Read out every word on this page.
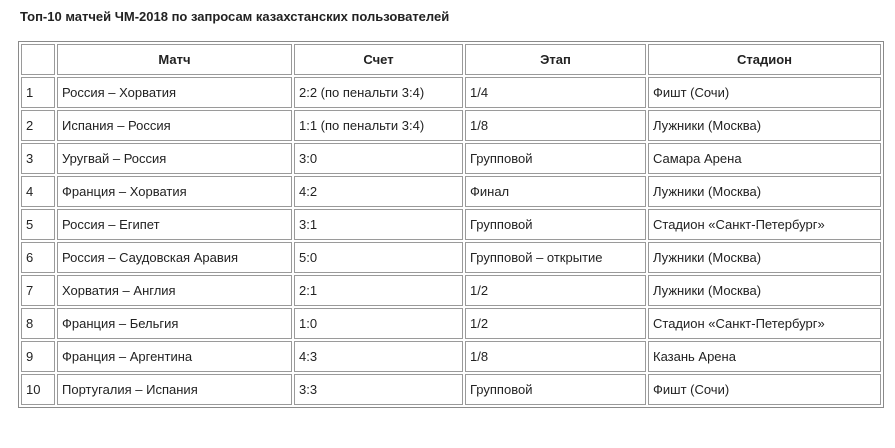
Топ-10 матчей ЧМ-2018 по запросам казахстанских пользователей
	Матч	Счет	Этап	Стадион
1	Россия – Хорватия	2:2 (по пенальти 3:4)	1/4	Фишт (Сочи)
2	Испания – Россия	1:1 (по пенальти 3:4)	1/8	Лужники (Москва)
3	Уругвай – Россия	3:0	Групповой	Самара Арена
4	Франция – Хорватия	4:2	Финал	Лужники (Москва)
5	Россия – Египет	3:1	Групповой	Стадион «Санкт-Петербург»
6	Россия – Саудовская Аравия	5:0	Групповой – открытие	Лужники (Москва)
7	Хорватия – Англия	2:1	1/2	Лужники (Москва)
8	Франция – Бельгия	1:0	1/2	Стадион «Санкт-Петербург»
9	Франция – Аргентина	4:3	1/8	Казань Арена
10	Португалия – Испания	3:3	Групповой	Фишт (Сочи)
